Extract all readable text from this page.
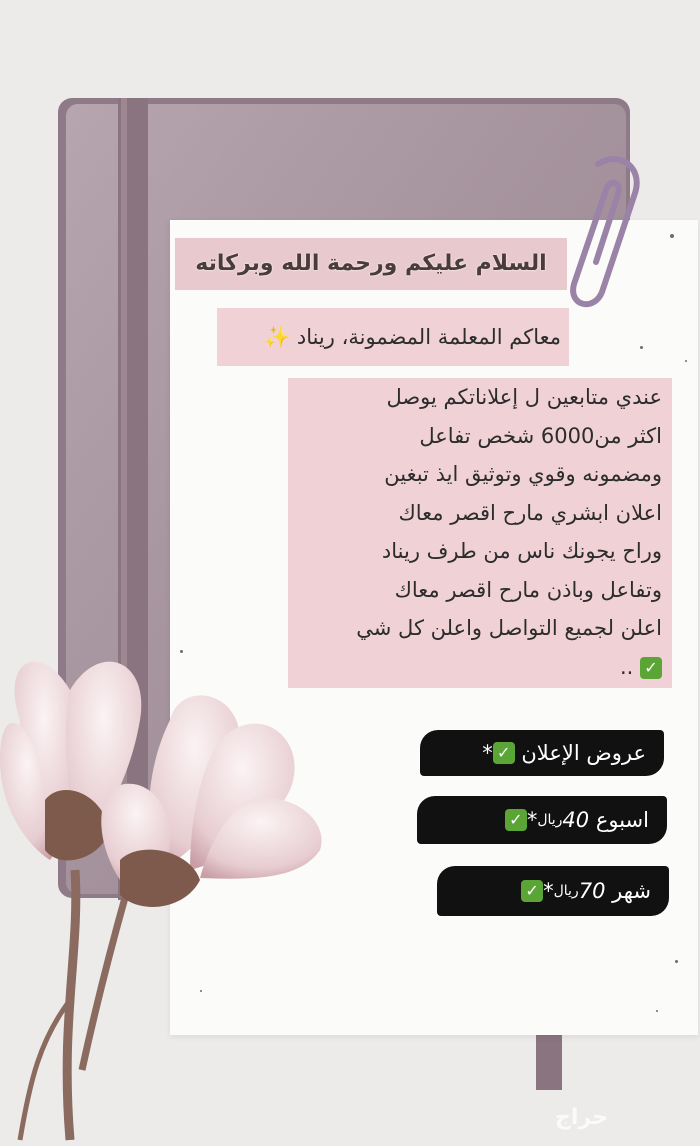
السلام عليكم ورحمة الله وبركاته
معاكم المعلمة المضمونة، ريناد ✨
عندي متابعين ل إعلاناتكم يوصل
اكثر من6000 شخص تفاعل
ومضمونه وقوي وتوثيق ايذ تبغين
اعلان ابشري مارح اقصر معاك
وراح يجونك ناس من طرف ريناد
وتفاعل وباذن مارح اقصر معاك
اعلن لجميع التواصل واعلن كل شي
✓ ..
عروض الإعلان

✓
*
اسبوع

40
ريال
*
✓
شهر

70
ريال
*
✓
حراج
